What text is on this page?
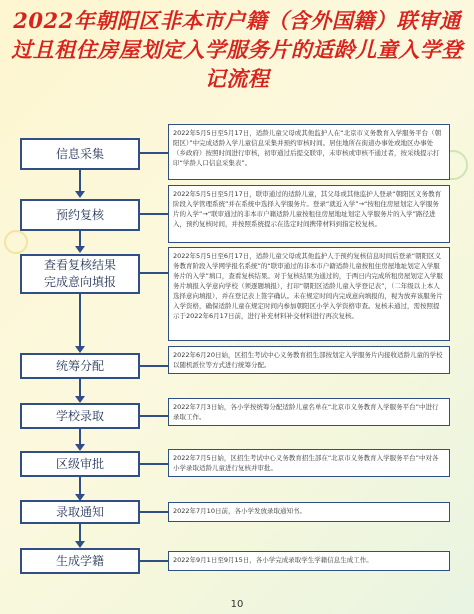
2022年朝阳区非本市户籍（含外国籍）联审通过且租住房屋划定入学服务片的适龄儿童入学登记流程
信息采集
2022年5月5日至5月17日，适龄儿童父母或其他监护人在“北京市义务教育入学服务平台（朝阳区）”中完成适龄入学儿童信息采集并预约审核时间。居住地所在街道办事处或地区办事处（乡政府）按照时间进行审核，初审通过后提交联审，未审核或审核不通过者，按采线提示打印“学龄人口信息采集表”。
预约复核
2022年5月5日至5月17日，联审通过的适龄儿童，其父母或其他监护人登录“朝阳区义务教育阶段入学管理系统”并在系统中选择入学服务片。登录“就近入学”→“按租住房屋划定入学服务片的入学”→“联审通过的非本市户籍适龄儿童按租住房屋地址划定入学服务片的入学”路径进入，预约复核时间，并按照系统提示在选定时间携带材料到指定校复核。
查看复核结果
完成意向填报
2022年5月5日至6月17日，适龄儿童父母或其他监护人于预约复核信息时间后登录“朝阳区义务教育阶段入学网学报名系统”的“联审通过的非本市户籍适龄儿童按租住房屋地址划定入学服务片的入学”填口，查看复核结果。对于复核结果为通过的，于两日内完成所租房屋划定入学服务片填报入学意向学校（须逐题填报），打印“朝阳区适龄儿童入学登记表”，（二年级以上本人选择意向填报），并在登记表上签字确认。未在规定时间内完成意向填报的，视为放弃该服务片入学资格，确保适龄儿童在规定时间内参加朝阳区小学入学资格审查。复核未通过，需按照提示于2022年6月17日前，进行补充材料补交材料进行再次复核。
统筹分配
2022年6月20日始，区招生考试中心义务教育招生部按划定入学服务片内接收适龄儿童的学校以随机派位等方式进行统筹分配。
学校录取
2022年7月3日始，各小学按统筹分配适龄儿童名单在“北京市义务教育入学服务平台”中进行录取工作。
区级审批	2022年7月5日始，区招生考试中心义务教育招生部在“北京市义务教育入学服务平台”中对各小学录取适龄儿童进行复核并审批。
录取通知	2022年7月10日前，各小学发放录取通知书。
生成学籍	2022年9月1日至9月15日，各小学完成录取学生学籍信息生成工作。
10
